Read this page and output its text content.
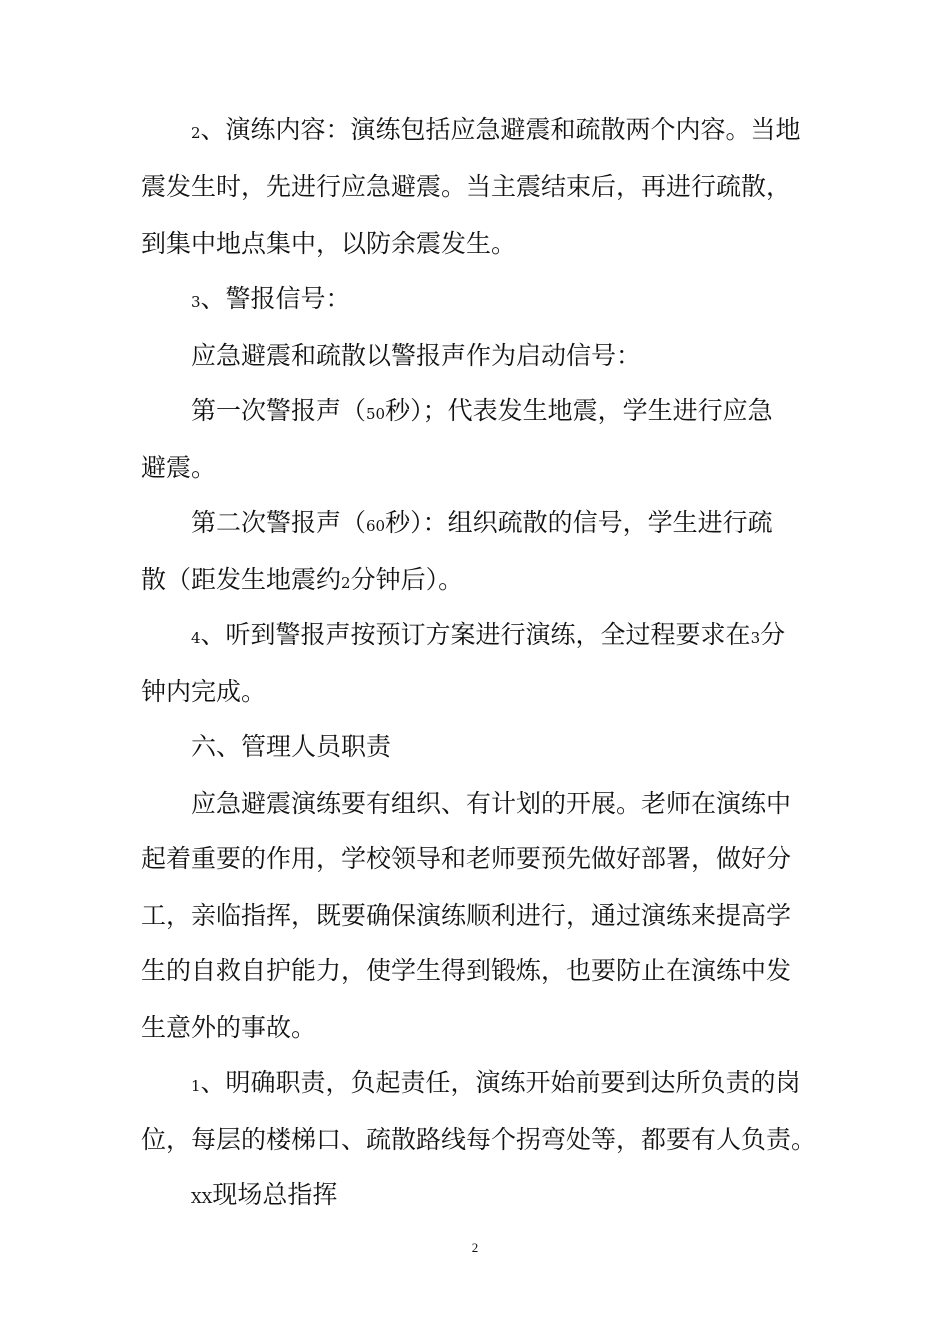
2、演练内容：演练包括应急避震和疏散两个内容。当地
震发生时，先进行应急避震。当主震结束后，再进行疏散，
到集中地点集中，以防余震发生。
3、警报信号：
应急避震和疏散以警报声作为启动信号：
第一次警报声（50秒）；代表发生地震，学生进行应急
避震。
第二次警报声（60秒）：组织疏散的信号，学生进行疏
散（距发生地震约2分钟后）。
4、听到警报声按预订方案进行演练，全过程要求在3分
钟内完成。
六、管理人员职责
应急避震演练要有组织、有计划的开展。老师在演练中
起着重要的作用，学校领导和老师要预先做好部署，做好分
工，亲临指挥，既要确保演练顺利进行，通过演练来提高学
生的自救自护能力，使学生得到锻炼，也要防止在演练中发
生意外的事故。
1、明确职责，负起责任，演练开始前要到达所负责的岗
位，每层的楼梯口、疏散路线每个拐弯处等，都要有人负责。
XX现场总指挥
2
